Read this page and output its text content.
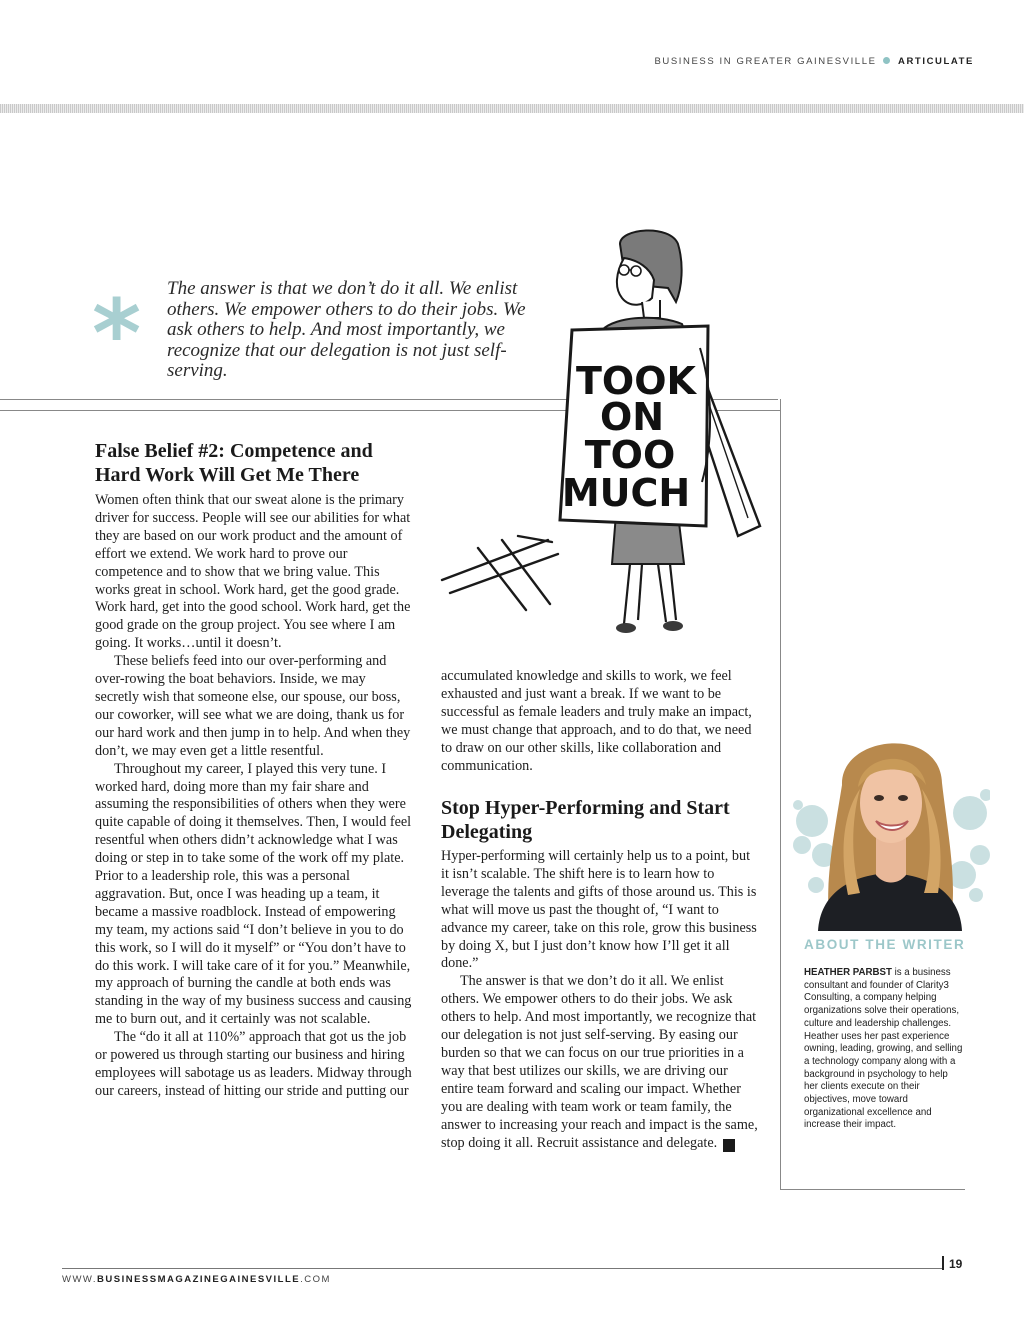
BUSINESS IN GREATER GAINESVILLE ARTICULATE
* The answer is that we don’t do it all. We enlist others. We empower others to do their jobs. We ask others to help. And most importantly, we recognize that our delegation is not just self-serving.	TOOK
ON
TOO
MUCH
False Belief #2: Competence and Hard Work Will Get Me There

Women often think that our sweat alone is the primary driver for success. People will see our abilities for what they are based on our work product and the amount of effort we extend. We work hard to prove our competence and to show that we bring value. This works great in school. Work hard, get the good grade. Work hard, get into the good school. Work hard, get the good grade on the group project. You see where I am going. It works…until it doesn’t.

These beliefs feed into our over-performing and over-rowing the boat behaviors. Inside, we may secretly wish that someone else, our spouse, our boss, our coworker, will see what we are doing, thank us for our hard work and then jump in to help. And when they don’t, we may even get a little resentful.

Throughout my career, I played this very tune. I worked hard, doing more than my fair share and assuming the responsibilities of others when they were quite capable of doing it themselves. Then, I would feel resentful when others didn’t acknowledge what I was doing or step in to take some of the work off my plate. Prior to a leadership role, this was a personal aggravation. But, once I was heading up a team, it became a massive roadblock. Instead of empowering my team, my actions said “I don’t believe in you to do this work, so I will do it myself” or “You don’t have to do this work. I will take care of it for you.” Meanwhile, my approach of burning the candle at both ends was standing in the way of my business success and causing me to burn out, and it certainly was not scalable.

The “do it all at 110%” approach that got us the job or powered us through starting our business and hiring employees will sabotage us as leaders. Midway through our careers, instead of hitting our stride and putting our

accumulated knowledge and skills to work, we feel exhausted and just want a break. If we want to be successful as female leaders and truly make an impact, we must change that approach, and to do that, we need to draw on our other skills, like collaboration and communication.

Stop Hyper-Performing and Start Delegating

Hyper-performing will certainly help us to a point, but it isn’t scalable. The shift here is to learn how to leverage the talents and gifts of those around us. This is what will move us past the thought of, “I want to advance my career, take on this role, grow this business by doing X, but I just don’t know how I’ll get it all done.”

The answer is that we don’t do it all. We enlist others. We empower others to do their jobs. We ask others to help. And most importantly, we recognize that our delegation is not just self-serving. By easing our burden so that we can focus on our true priorities in a way that best utilizes our skills, we are driving our entire team forward and scaling our impact. Whether you are dealing with team work or team family, the answer to increasing your reach and impact is the same, stop doing it all. Recruit assistance and delegate. B

ABOUT THE WRITER
HEATHER PARBST is a business consultant and founder of Clarity3 Consulting, a company helping organizations solve their operations, culture and leadership challenges. Heather uses her past experience owning, leading, growing, and selling a technology company along with a background in psychology to help her clients execute on their objectives, move toward organizational excellence and increase their impact.
WWW.BUSINESSMAGAZINEGAINESVILLE.COM
19
